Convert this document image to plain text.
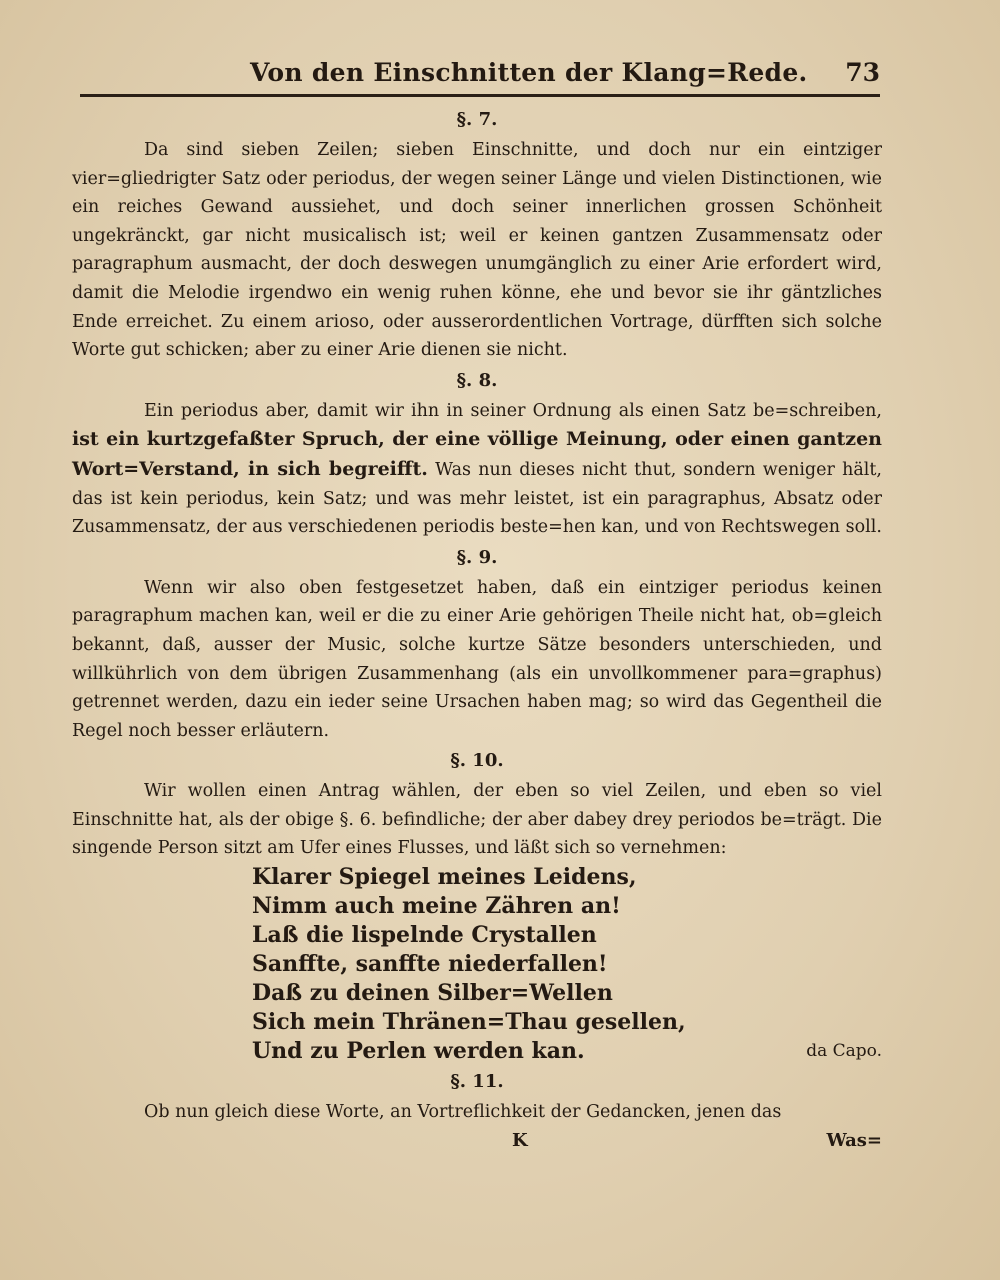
Von den Einschnitten der Klang=Rede. 73
§. 7.

Da sind sieben Zeilen; sieben Einschnitte, und doch nur ein eintziger vier=gliedrigter Satz oder periodus, der wegen seiner Länge und vielen Distinctionen, wie ein reiches Gewand aussiehet, und doch seiner innerlichen grossen Schönheit ungekränckt, gar nicht musicalisch ist; weil er keinen gantzen Zusammensatz oder paragraphum ausmacht, der doch deswegen unumgänglich zu einer Arie erfordert wird, damit die Melodie irgendwo ein wenig ruhen könne, ehe und bevor sie ihr gäntzliches Ende erreichet. Zu einem arioso, oder ausserordentlichen Vortrage, dürfften sich solche Worte gut schicken; aber zu einer Arie dienen sie nicht.

§. 8.

Ein periodus aber, damit wir ihn in seiner Ordnung als einen Satz be=schreiben, ist ein kurtzgefaßter Spruch, der eine völlige Meinung, oder einen gantzen Wort=Verstand, in sich begreifft. Was nun dieses nicht thut, sondern weniger hält, das ist kein periodus, kein Satz; und was mehr leistet, ist ein paragraphus, Absatz oder Zusammensatz, der aus verschiedenen periodis beste=hen kan, und von Rechtswegen soll.

§. 9.

Wenn wir also oben festgesetzet haben, daß ein eintziger periodus keinen paragraphum machen kan, weil er die zu einer Arie gehörigen Theile nicht hat, ob=gleich bekannt, daß, ausser der Music, solche kurtze Sätze besonders unterschieden, und willkührlich von dem übrigen Zusammenhang (als ein unvollkommener para=graphus) getrennet werden, dazu ein ieder seine Ursachen haben mag; so wird das Gegentheil die Regel noch besser erläutern.

§. 10.

Wir wollen einen Antrag wählen, der eben so viel Zeilen, und eben so viel Einschnitte hat, als der obige §. 6. befindliche; der aber dabey drey periodos be=trägt. Die singende Person sitzt am Ufer eines Flusses, und läßt sich so vernehmen:

Klarer Spiegel meines Leidens,
Nimm auch meine Zähren an!
Laß die lispelnde Crystallen
Sanffte, sanffte niederfallen!
Daß zu deinen Silber=Wellen
Sich mein Thränen=Thau gesellen,
Und zu Perlen werden kan.	da Capo.
§. 11.

Ob nun gleich diese Worte, an Vortreflichkeit der Gedancken, jenen das

K	Was=
